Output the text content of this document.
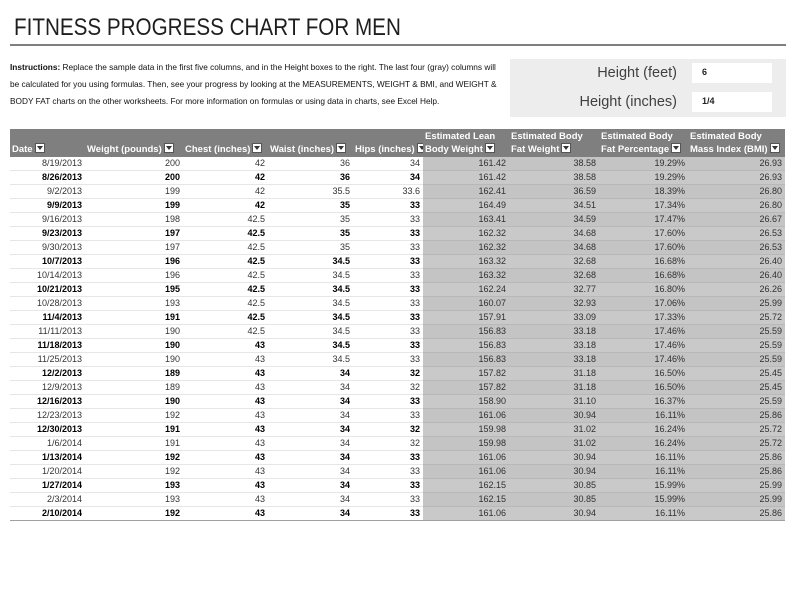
FITNESS PROGRESS CHART FOR MEN
Instructions: Replace the sample data in the first five columns, and in the Height boxes to the right. The last four (gray) columns will be calculated for you using formulas. Then, see your progress by looking at the MEASUREMENTS, WEIGHT & BMI, and WEIGHT & BODY FAT charts on the other worksheets. For more information on formulas or using data in charts, see Excel Help.
Height (feet)	6
Height (inches)	1/4
Date	Weight (pounds)	Chest (inches)	Waist (inches)	Hips (inches)	Estimated Lean Body Weight	Estimated Body Fat Weight	Estimated Body Fat Percentage	Estimated Body Mass Index (BMI)
8/19/2013	200	42	36	34	161.42	38.58	19.29%	26.93
8/26/2013	200	42	36	34	161.42	38.58	19.29%	26.93
9/2/2013	199	42	35.5	33.6	162.41	36.59	18.39%	26.80
9/9/2013	199	42	35	33	164.49	34.51	17.34%	26.80
9/16/2013	198	42.5	35	33	163.41	34.59	17.47%	26.67
9/23/2013	197	42.5	35	33	162.32	34.68	17.60%	26.53
9/30/2013	197	42.5	35	33	162.32	34.68	17.60%	26.53
10/7/2013	196	42.5	34.5	33	163.32	32.68	16.68%	26.40
10/14/2013	196	42.5	34.5	33	163.32	32.68	16.68%	26.40
10/21/2013	195	42.5	34.5	33	162.24	32.77	16.80%	26.26
10/28/2013	193	42.5	34.5	33	160.07	32.93	17.06%	25.99
11/4/2013	191	42.5	34.5	33	157.91	33.09	17.33%	25.72
11/11/2013	190	42.5	34.5	33	156.83	33.18	17.46%	25.59
11/18/2013	190	43	34.5	33	156.83	33.18	17.46%	25.59
11/25/2013	190	43	34.5	33	156.83	33.18	17.46%	25.59
12/2/2013	189	43	34	32	157.82	31.18	16.50%	25.45
12/9/2013	189	43	34	32	157.82	31.18	16.50%	25.45
12/16/2013	190	43	34	33	158.90	31.10	16.37%	25.59
12/23/2013	192	43	34	33	161.06	30.94	16.11%	25.86
12/30/2013	191	43	34	32	159.98	31.02	16.24%	25.72
1/6/2014	191	43	34	32	159.98	31.02	16.24%	25.72
1/13/2014	192	43	34	33	161.06	30.94	16.11%	25.86
1/20/2014	192	43	34	33	161.06	30.94	16.11%	25.86
1/27/2014	193	43	34	33	162.15	30.85	15.99%	25.99
2/3/2014	193	43	34	33	162.15	30.85	15.99%	25.99
2/10/2014	192	43	34	33	161.06	30.94	16.11%	25.86
